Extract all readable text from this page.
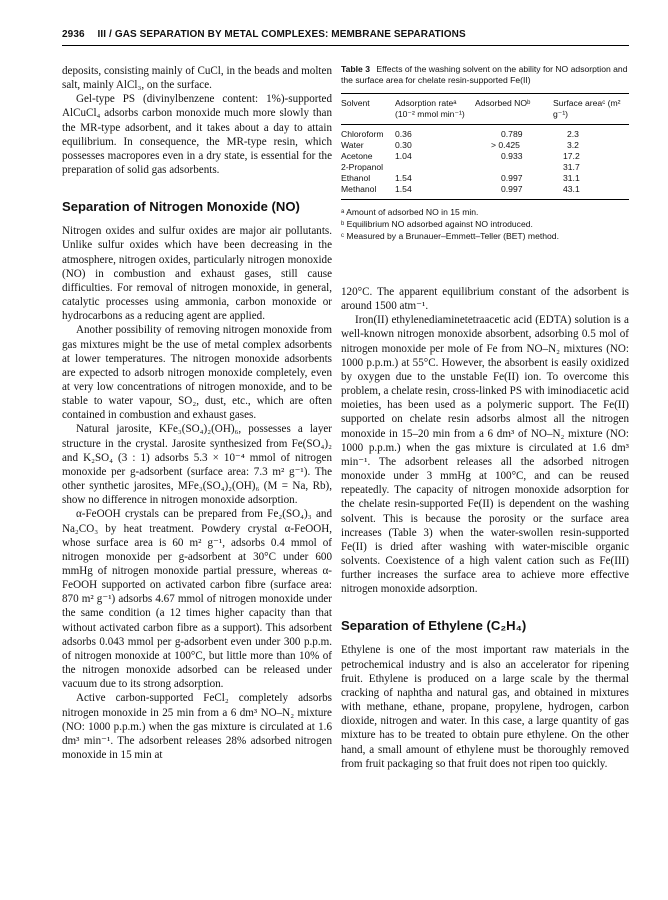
2936 III / GAS SEPARATION BY METAL COMPLEXES: MEMBRANE SEPARATIONS

deposits, consisting mainly of CuCl, in the beads and molten salt, mainly AlCl₃, on the surface.

Gel-type PS (divinylbenzene content: 1%)-supported AlCuCl₄ adsorbs carbon monoxide much more slowly than the MR-type adsorbent, and it takes about a day to attain equilibrium. In consequence, the MR-type resin, which possesses macropores even in a dry state, is essential for the preparation of solid gas adsorbents.

Separation of Nitrogen Monoxide (NO)

Nitrogen oxides and sulfur oxides are major air pollutants. Unlike sulfur oxides which have been decreasing in the atmosphere, nitrogen oxides, particularly nitrogen monoxide (NO) in combustion and exhaust gases, still cause difficulties. For removal of nitrogen monoxide, in general, catalytic processes using ammonia, carbon monoxide or hydrocarbons as a reducing agent are applied.

Another possibility of removing nitrogen monoxide from gas mixtures might be the use of metal complex adsorbents at lower temperatures. The nitrogen monoxide adsorbents are expected to adsorb nitrogen monoxide completely, even at very low concentrations of nitrogen monoxide, and to be stable to water vapour, SO₂, dust, etc., which are often contained in combustion and exhaust gases.

Natural jarosite, KFe₃(SO₄)₂(OH)₆, possesses a layer structure in the crystal. Jarosite synthesized from Fe(SO₄)₂ and K₂SO₄ (3 : 1) adsorbs 5.3 × 10⁻⁴ mmol of nitrogen monoxide per g-adsorbent (surface area: 7.3 m² g⁻¹). The other synthetic jarosites, MFe₃(SO₄)₂(OH)₆ (M = Na, Rb), show no difference in nitrogen monoxide adsorption.

α-FeOOH crystals can be prepared from Fe₂(SO₄)₃ and Na₂CO₃ by heat treatment. Powdery crystal α-FeOOH, whose surface area is 60 m² g⁻¹, adsorbs 0.4 mmol of nitrogen monoxide per g-adsorbent at 30°C under 600 mmHg of nitrogen monoxide partial pressure, whereas α-FeOOH supported on activated carbon fibre (surface area: 870 m² g⁻¹) adsorbs 4.67 mmol of nitrogen monoxide under the same condition (a 12 times higher capacity than that without activated carbon fibre as a support). This adsorbent adsorbs 0.043 mmol per g-adsorbent even under 300 p.p.m. of nitrogen monoxide at 100°C, but little more than 10% of the nitrogen monoxide adsorbed can be released under vacuum due to its strong adsorption.

Active carbon-supported FeCl₂ completely adsorbs nitrogen monoxide in 25 min from a 6 dm³ NO–N₂ mixture (NO: 1000 p.p.m.) when the gas mixture is circulated at 1.6 dm³ min⁻¹. The adsorbent releases 28% adsorbed nitrogen monoxide in 15 min at

Table 3 Effects of the washing solvent on the ability for NO adsorption and the surface area for chelate resin-supported Fe(II)
Solvent	Adsorption rateᵃ (10⁻² mmol min⁻¹)	Adsorbed NOᵇ	Surface areaᶜ (m² g⁻¹)
Chloroform	0.36	0.789	2.3
Water	0.30	> 0.425	3.2
Acetone	1.04	0.933	17.2
2-Propanol			31.7
Ethanol	1.54	0.997	31.1
Methanol	1.54	0.997	43.1
ᵃ Amount of adsorbed NO in 15 min.
ᵇ Equilibrium NO adsorbed against NO introduced.
ᶜ Measured by a Brunauer–Emmett–Teller (BET) method.

120°C. The apparent equilibrium constant of the adsorbent is around 1500 atm⁻¹.

Iron(II) ethylenediaminetetraacetic acid (EDTA) solution is a well-known nitrogen monoxide absorbent, adsorbing 0.5 mol of nitrogen monoxide per mole of Fe from NO–N₂ mixtures (NO: 1000 p.p.m.) at 55°C. However, the absorbent is easily oxidized by oxygen due to the unstable Fe(II) ion. To overcome this problem, a chelate resin, cross-linked PS with iminodiacetic acid moieties, has been used as a polymeric support. The Fe(II) supported on chelate resin adsorbs almost all the nitrogen monoxide in 15–20 min from a 6 dm³ of NO–N₂ mixture (NO: 1000 p.p.m.) when the gas mixture is circulated at 1.6 dm³ min⁻¹. The adsorbent releases all the adsorbed nitrogen monoxide under 3 mmHg at 100°C, and can be reused repeatedly. The capacity of nitrogen monoxide adsorption for the chelate resin-supported Fe(II) is dependent on the washing solvent. This is because the porosity or the surface area increases (Table 3) when the water-swollen resin-supported Fe(II) is dried after washing with water-miscible organic solvents. Coexistence of a high valent cation such as Fe(III) further increases the surface area to achieve more effective nitrogen monoxide adsorption.

Separation of Ethylene (C₂H₄)

Ethylene is one of the most important raw materials in the petrochemical industry and is also an accelerator for ripening fruit. Ethylene is produced on a large scale by the thermal cracking of naphtha and natural gas, and obtained in mixtures with methane, ethane, propane, propylene, hydrogen, carbon dioxide, nitrogen and water. In this case, a large quantity of gas mixture has to be treated to obtain pure ethylene. On the other hand, a small amount of ethylene must be thoroughly removed from fruit packaging so that fruit does not ripen too quickly.
